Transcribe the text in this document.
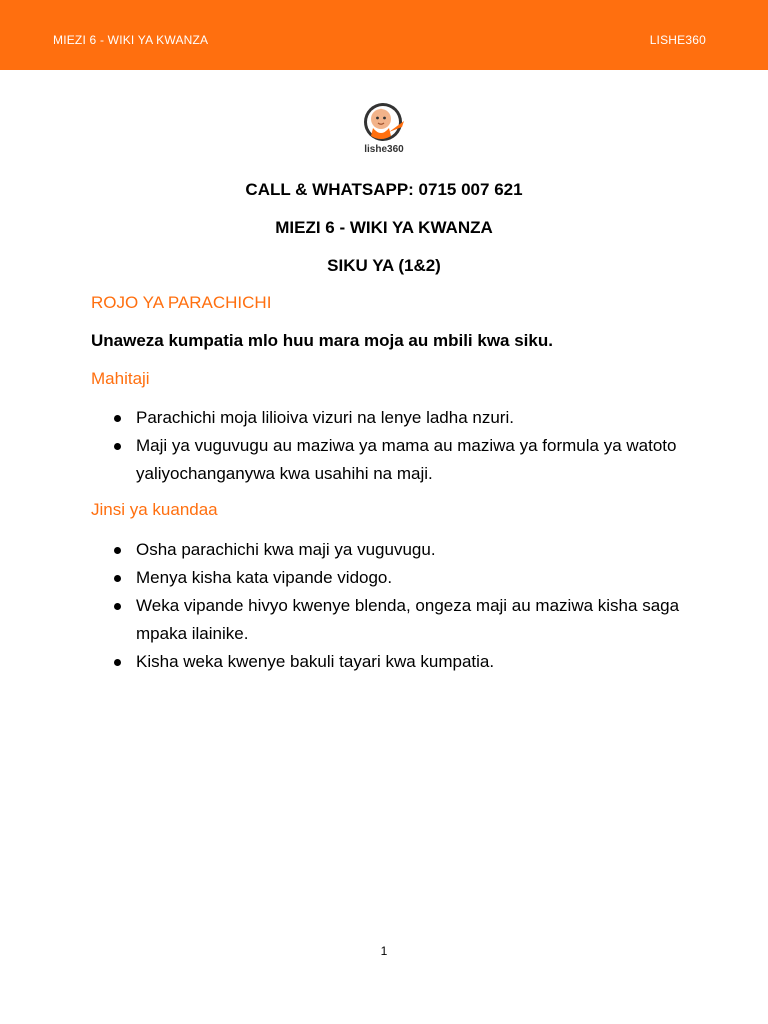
MIEZI 6 - WIKI YA KWANZA	LISHE360
lishe360
CALL & WHATSAPP: 0715 007 621
MIEZI 6 - WIKI YA KWANZA
SIKU YA (1&2)
ROJO YA PARACHICHI
Unaweza kumpatia mlo huu mara moja au mbili kwa siku.
Mahitaji
Parachichi moja lilioiva vizuri na lenye ladha nzuri.
Maji ya vuguvugu au maziwa ya mama au maziwa ya formula ya watoto yaliyochanganywa kwa usahihi na maji.
Jinsi ya kuandaa
Osha parachichi kwa maji ya vuguvugu.
Menya kisha kata vipande vidogo.
Weka vipande hivyo kwenye blenda, ongeza maji au maziwa kisha saga mpaka ilainike.
Kisha weka kwenye bakuli tayari kwa kumpatia.
1
